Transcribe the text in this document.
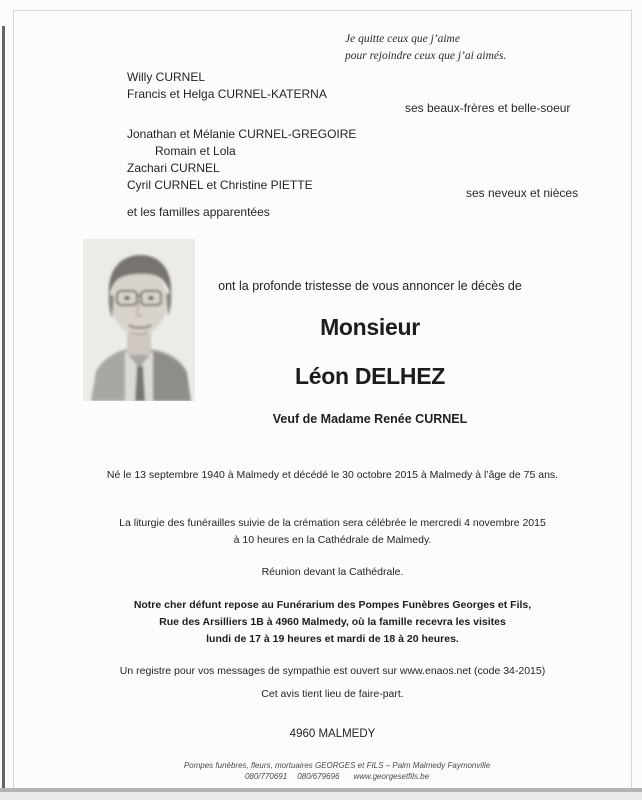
Je quitte ceux que j’aime
pour rejoindre ceux que j’ai aimés.
Willy CURNEL
Francis et Helga CURNEL-KATERNA
ses beaux-frères et belle-soeur
Jonathan et Mélanie CURNEL-GREGOIRE
Romain et Lola
Zachari CURNEL
Cyril CURNEL et Christine PIETTE
ses neveux et nièces
et les familles apparentées
ont la profonde tristesse de vous annoncer le décès de
Monsieur
Léon DELHEZ
Veuf de Madame Renée CURNEL
Né le 13 septembre 1940 à Malmedy et décédé le 30 octobre 2015 à Malmedy à l’âge de 75 ans.
La liturgie des funérailles suivie de la crémation sera célébrée le mercredi 4 novembre 2015
à 10 heures en la Cathédrale de Malmedy.
Réunion devant la Cathédrale.
Notre cher défunt repose au Funérarium des Pompes Funèbres Georges et Fils,
Rue des Arsilliers 1B à 4960 Malmedy, où la famille recevra les visites
lundi de 17 à 19 heures et mardi de 18 à 20 heures.
Un registre pour vos messages de sympathie est ouvert sur www.enaos.net (code 34-2015)
Cet avis tient lieu de faire-part.
4960 MALMEDY
Pompes funèbres, fleurs, mortuaires GEORGES et FILS – Palm Malmedy Faymonville
080/770691 080/679696 www.georgesetfils.be
